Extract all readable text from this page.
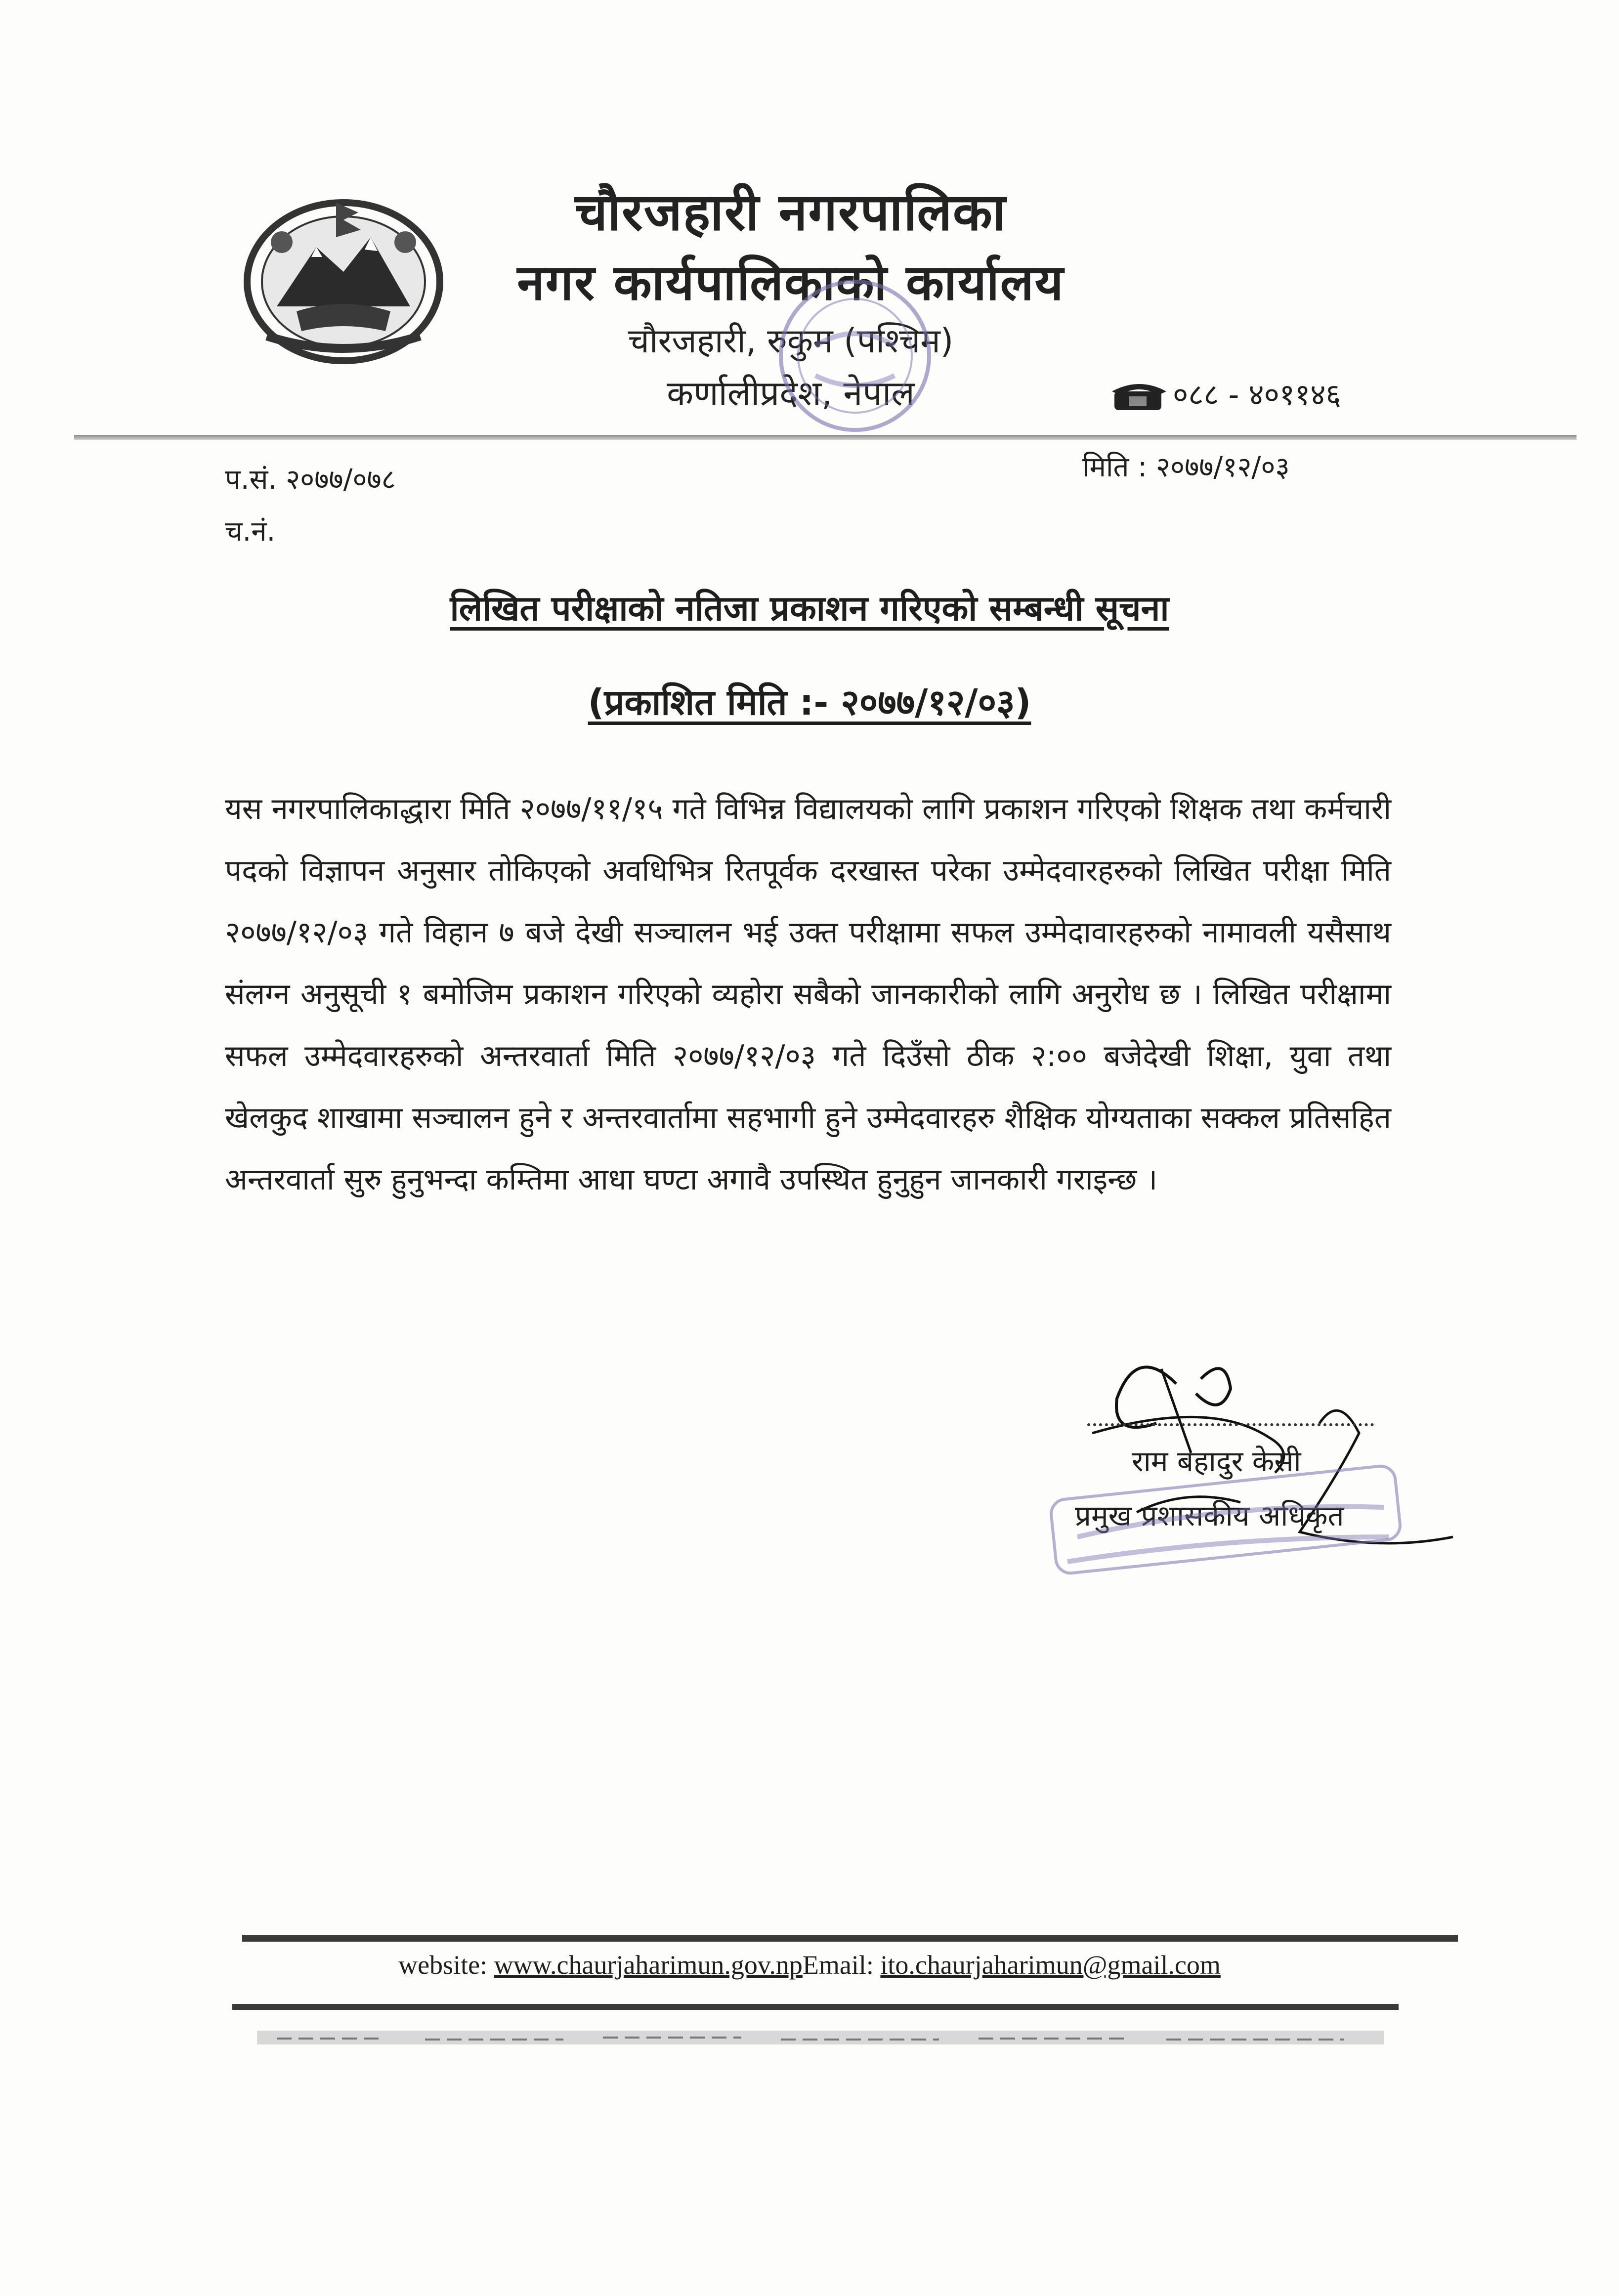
चौरजहारी नगरपालिका
नगर कार्यपालिकाको कार्यालय
चौरजहारी, रुकुम (पश्चिम)
कर्णालीप्रदेश, नेपाल	०८८ - ४०११४६
प.सं. २०७७/०७८
च.नं.
मिति : २०७७/१२/०३
लिखित परीक्षाको नतिजा प्रकाशन गरिएको सम्बन्धी सूचना
(प्रकाशित मिति :- २०७७/१२/०३)
यस नगरपालिकाद्धारा मिति २०७७/११/१५ गते विभिन्न विद्यालयको लागि प्रकाशन गरिएको शिक्षक तथा कर्मचारी पदको विज्ञापन अनुसार तोकिएको अवधिभित्र रितपूर्वक दरखास्त परेका उम्मेदवारहरुको लिखित परीक्षा मिति २०७७/१२/०३ गते विहान ७ बजे देखी सञ्चालन भई उक्त परीक्षामा सफल उम्मेदावारहरुको नामावली यसैसाथ संलग्न अनुसूची १ बमोजिम प्रकाशन गरिएको व्यहोरा सबैको जानकारीको लागि अनुरोध छ । लिखित परीक्षामा सफल उम्मेदवारहरुको अन्तरवार्ता मिति २०७७/१२/०३ गते दिउँसो ठीक २:०० बजेदेखी शिक्षा, युवा तथा खेलकुद शाखामा सञ्चालन हुने र अन्तरवार्तामा सहभागी हुने उम्मेदवारहरु शैक्षिक योग्यताका सक्कल प्रतिसहित अन्तरवार्ता सुरु हुनुभन्दा कम्तिमा आधा घण्टा अगावै उपस्थित हुनुहुन जानकारी गराइन्छ ।
राम बहादुर केसी
प्रमुख प्रशासकीय अधिकृत
website: www.chaurjaharimun.gov.npEmail: ito.chaurjaharimun@gmail.com
